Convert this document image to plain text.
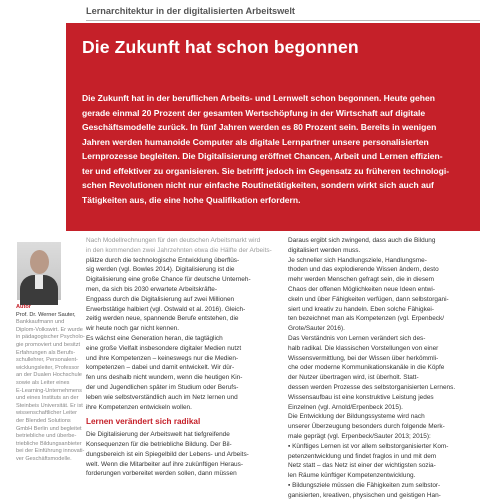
Lernarchitektur in der digitalisierten Arbeitswelt
Die Zukunft hat schon begonnen
Die Zukunft hat in der beruflichen Arbeits- und Lernwelt schon begonnen. Heute gehen
gerade einmal 20 Prozent der gesamten Wertschöpfung in der Wirtschaft auf digitale
Geschäftsmodelle zurück. In fünf Jahren werden es 80 Prozent sein. Bereits in wenigen
Jahren werden humanoide Computer als digitale Lernpartner unsere personalisierten
Lernprozesse begleiten. Die Digitalisierung eröffnet Chancen, Arbeit und Lernen effizien-
ter und effektiver zu organisieren. Sie betrifft jedoch im Gegensatz zu früheren technologi-
schen Revolutionen nicht nur einfache Routinetätigkeiten, sondern wirkt sich auch auf
Tätigkeiten aus, die eine hohe Qualifikation erfordern.
Autor
Prof. Dr. Werner Sauter,
Bankkaufmann und
Diplom-Volkswirt. Er wurde
in pädagogischer Psycholo-
gie promoviert und besitzt
Erfahrungen als Berufs-
schullehrer, Personalent-
wicklungsleiter, Professor
an der Dualen Hochschule
sowie als Leiter eines
E-Learning-Unternehmens
und eines Instituts an der
Steinbeis Universität. Er ist
wissenschaftlicher Leiter
der Blended Solutions
GmbH Berlin und begleitet
betriebliche und überbe-
triebliche Bildungsanbieter
bei der Einführung innovati-
ver Geschäftsmodelle.
Nach Modellrechnungen für den deutschen Arbeitsmarkt wird
in den kommenden zwei Jahrzehnten etwa die Hälfte der Arbeits-
plätze durch die technologische Entwicklung überflüs-
sig werden (vgl. Bowles 2014). Digitalisierung ist die
Digitalisierung eine große Chance für deutsche Unterneh-
men, da sich bis 2030 erwartete Arbeitskräfte-
Engpass durch die Digitalisierung auf zwei Millionen
Erwerbstätige halbiert (vgl. Ostwald et al. 2016). Gleich-
zeitig werden neue, spannende Berufe entstehen, die
wir heute noch gar nicht kennen.
Es wächst eine Generation heran, die tagtäglich
eine große Vielfalt insbesondere digitaler Medien nutzt
und ihre Kompetenzen – keineswegs nur die Medien-
kompetenzen – dabei und damit entwickelt. Wir dür-
fen uns deshalb nicht wundern, wenn die heutigen Kin-
der und Jugendlichen später im Studium oder Berufs-
leben wie selbstverständlich auch im Netz lernen und
ihre Kompetenzen entwickeln wollen.
Lernen verändert sich radikal
Die Digitalisierung der Arbeitswelt hat tiefgreifende
Konsequenzen für die betriebliche Bildung. Der Bil-
dungsbereich ist ein Spiegelbild der Lebens- und Arbeits-
welt. Wenn die Mitarbeiter auf ihre zukünftigen Heraus-
forderungen vorbereitet werden sollen, dann müssen
Daraus ergibt sich zwingend, dass auch die Bildung
digitalisiert werden muss.
Je schneller sich Handlungsziele, Handlungsme-
thoden und das explodierende Wissen ändern, desto
mehr werden Menschen gefragt sein, die in diesem
Chaos der offenen Möglichkeiten neue Ideen entwi-
ckeln und über Fähigkeiten verfügen, dann selbstorgani-
siert und kreativ zu handeln. Eben solche Fähigkei-
ten bezeichnet man als Kompetenzen (vgl. Erpenbeck/
Grote/Sauter 2016).
Das Verständnis von Lernen verändert sich des-
halb radikal. Die klassischen Vorstellungen von einer
Wissensvermittlung, bei der Wissen über herkömmli-
che oder moderne Kommunikationskanäle in die Köpfe
der Nutzer übertragen wird, ist überholt. Statt-
dessen werden Prozesse des selbstorganisierten Lernens.
Wissensaufbau ist eine konstruktive Leistung jedes
Einzelnen (vgl. Arnold/Erpenbeck 2015).
Die Entwicklung der Bildungssysteme wird nach
unserer Überzeugung besonders durch folgende Merk-
male geprägt (vgl. Erpenbeck/Sauter 2013; 2015):
▪ Künftiges Lernen ist vor allem selbstorganisierter Kom-
petenzentwicklung und findet fraglos in und mit dem
Netz statt – das Netz ist einer der wichtigsten sozia-
len Räume künftiger Kompetenzentwicklung.
▪ Bildungsziele müssen die Fähigkeiten zum selbstor-
ganisierten, kreativen, physischen und geistigen Han-
